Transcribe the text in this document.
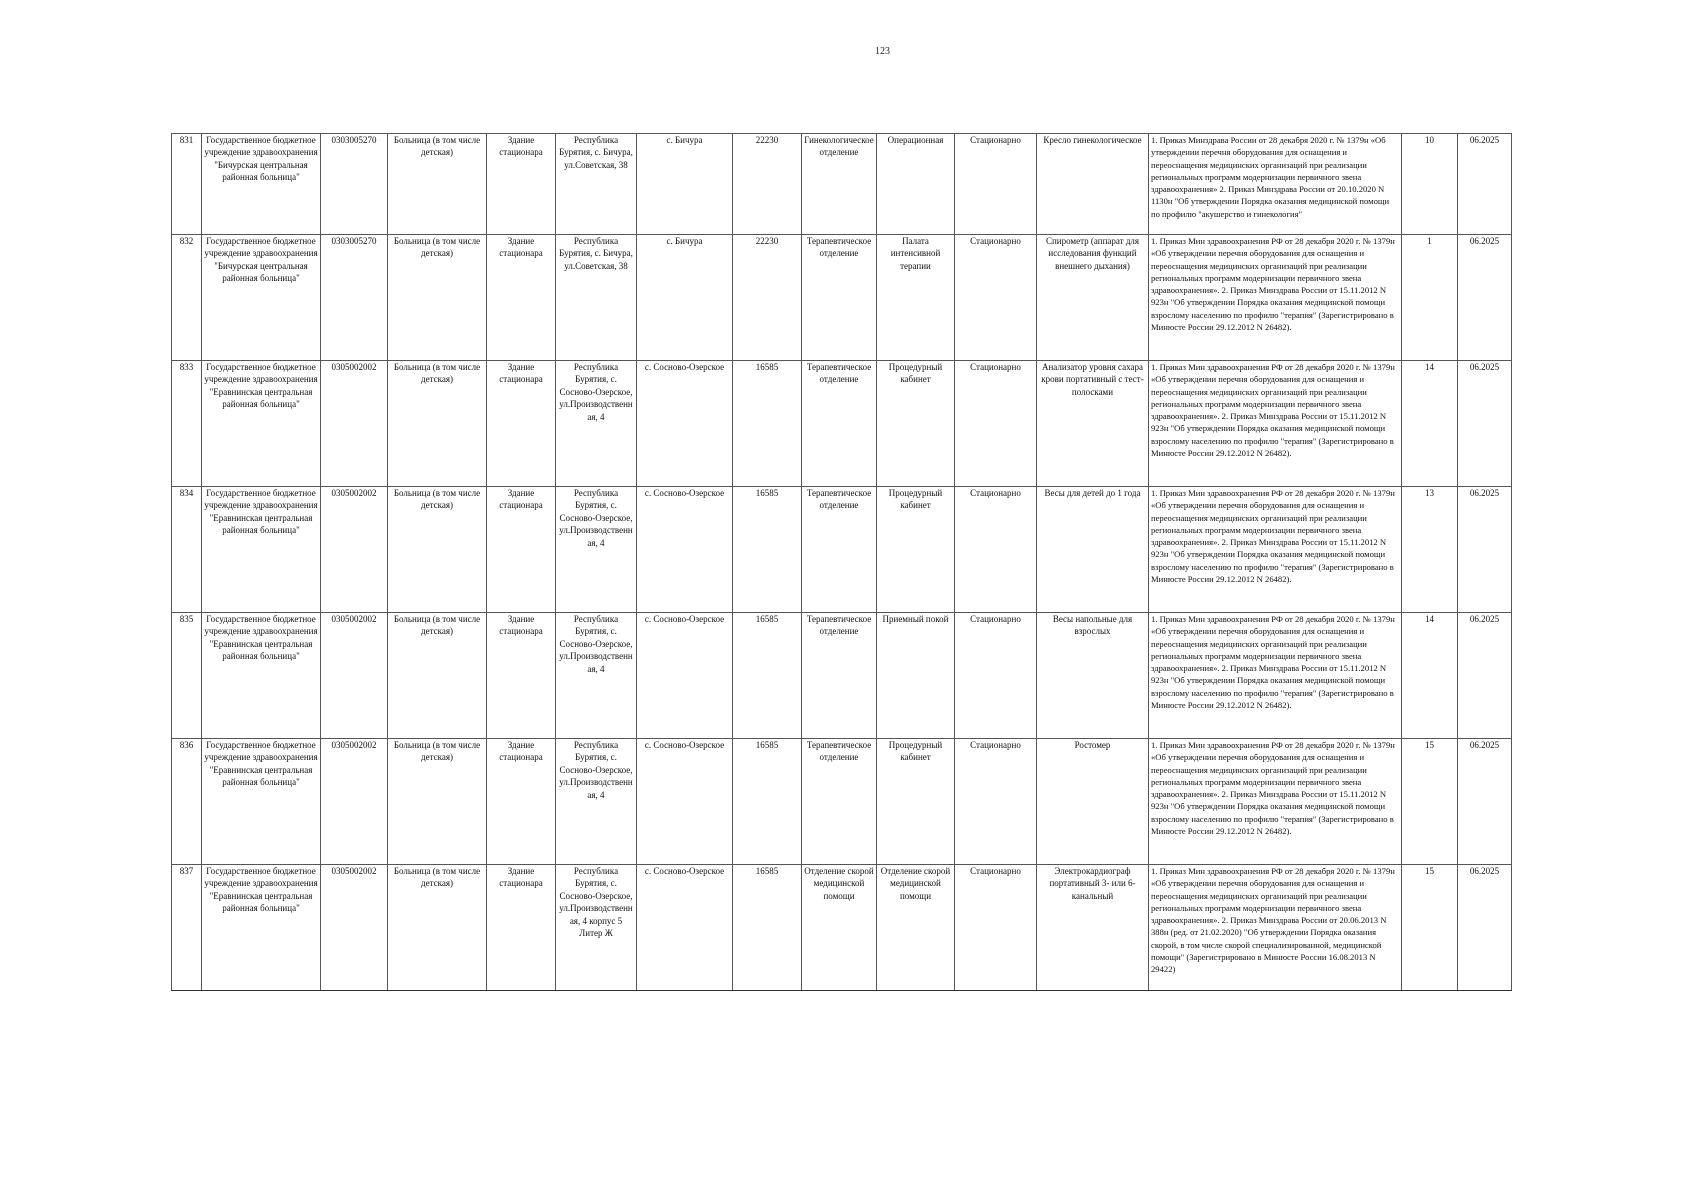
123
831	Государственное бюджетное учреждение здравоохранения "Бичурская центральная районная больница"	0303005270	Больница (в том числе детская)	Здание стационара	Республика Бурятия, с. Бичура, ул.Советская, 38	с. Бичура	22230	Гинекологическое отделение	Операционная	Стационарно	Кресло гинекологическое	1. Приказ Минздрава России от 28 декабря 2020 г. № 1379н «Об утверждении перечня оборудования для оснащения и переоснащения медицинских организаций при реализации региональных программ модернизации первичного звена здравоохранения» 2. Приказ Минздрава России от 20.10.2020 N 1130н "Об утверждении Порядка оказания медицинской помощи по профилю "акушерство и гинекология"	10	06.2025
832	Государственное бюджетное учреждение здравоохранения "Бичурская центральная районная больница"	0303005270	Больница (в том числе детская)	Здание стационара	Республика Бурятия, с. Бичура, ул.Советская, 38	с. Бичура	22230	Терапевтическое отделение	Палата интенсивной терапии	Стационарно	Спирометр (аппарат для исследования функций внешнего дыхания)	1. Приказ Мин здравоохранения РФ от 28 декабря 2020 г. № 1379н «Об утверждении перечня оборудования для оснащения и переоснащения медицинских организаций при реализации региональных программ модернизации первичного звена здравоохранения». 2. Приказ Минздрава России от 15.11.2012 N 923н "Об утверждении Порядка оказания медицинской помощи взрослому населению по профилю "терапия" (Зарегистрировано в Минюсте России 29.12.2012 N 26482).	1	06.2025
833	Государственное бюджетное учреждение здравоохранения "Еравнинская центральная районная больница"	0305002002	Больница (в том числе детская)	Здание стационара	Республика Бурятия, с. Сосново-Озерское, ул.Производственная, 4	с. Сосново-Озерское	16585	Терапевтическое отделение	Процедурный кабинет	Стационарно	Анализатор уровня сахара крови портативный с тест-полосками	1. Приказ Мин здравоохранения РФ от 28 декабря 2020 г. № 1379н «Об утверждении перечня оборудования для оснащения и переоснащения медицинских организаций при реализации региональных программ модернизации первичного звена здравоохранения». 2. Приказ Минздрава России от 15.11.2012 N 923н "Об утверждении Порядка оказания медицинской помощи взрослому населению по профилю "терапия" (Зарегистрировано в Минюсте России 29.12.2012 N 26482).	14	06.2025
834	Государственное бюджетное учреждение здравоохранения "Еравнинская центральная районная больница"	0305002002	Больница (в том числе детская)	Здание стационара	Республика Бурятия, с. Сосново-Озерское, ул.Производственная, 4	с. Сосново-Озерское	16585	Терапевтическое отделение	Процедурный кабинет	Стационарно	Весы для детей до 1 года	1. Приказ Мин здравоохранения РФ от 28 декабря 2020 г. № 1379н «Об утверждении перечня оборудования для оснащения и переоснащения медицинских организаций при реализации региональных программ модернизации первичного звена здравоохранения». 2. Приказ Минздрава России от 15.11.2012 N 923н "Об утверждении Порядка оказания медицинской помощи взрослому населению по профилю "терапия" (Зарегистрировано в Минюсте России 29.12.2012 N 26482).	13	06.2025
835	Государственное бюджетное учреждение здравоохранения "Еравнинская центральная районная больница"	0305002002	Больница (в том числе детская)	Здание стационара	Республика Бурятия, с. Сосново-Озерское, ул.Производственная, 4	с. Сосново-Озерское	16585	Терапевтическое отделение	Приемный покой	Стационарно	Весы напольные для взрослых	1. Приказ Мин здравоохранения РФ от 28 декабря 2020 г. № 1379н «Об утверждении перечня оборудования для оснащения и переоснащения медицинских организаций при реализации региональных программ модернизации первичного звена здравоохранения». 2. Приказ Минздрава России от 15.11.2012 N 923н "Об утверждении Порядка оказания медицинской помощи взрослому населению по профилю "терапия" (Зарегистрировано в Минюсте России 29.12.2012 N 26482).	14	06.2025
836	Государственное бюджетное учреждение здравоохранения "Еравнинская центральная районная больница"	0305002002	Больница (в том числе детская)	Здание стационара	Республика Бурятия, с. Сосново-Озерское, ул.Производственная, 4	с. Сосново-Озерское	16585	Терапевтическое отделение	Процедурный кабинет	Стационарно	Ростомер	1. Приказ Мин здравоохранения РФ от 28 декабря 2020 г. № 1379н «Об утверждении перечня оборудования для оснащения и переоснащения медицинских организаций при реализации региональных программ модернизации первичного звена здравоохранения». 2. Приказ Минздрава России от 15.11.2012 N 923н "Об утверждении Порядка оказания медицинской помощи взрослому населению по профилю "терапия" (Зарегистрировано в Минюсте России 29.12.2012 N 26482).	15	06.2025
837	Государственное бюджетное учреждение здравоохранения "Еравнинская центральная районная больница"	0305002002	Больница (в том числе детская)	Здание стационара	Республика Бурятия, с. Сосново-Озерское, ул.Производственная, 4 корпус 5 Литер Ж	с. Сосново-Озерское	16585	Отделение скорой медицинской помощи	Отделение скорой медицинской помощи	Стационарно	Электрокардиограф портативный 3- или 6-канальный	1. Приказ Мин здравоохранения РФ от 28 декабря 2020 г. № 1379н «Об утверждении перечня оборудования для оснащения и переоснащения медицинских организаций при реализации региональных программ модернизации первичного звена здравоохранения». 2. Приказ Минздрава России от 20.06.2013 N 388н (ред. от 21.02.2020) "Об утверждении Порядка оказания скорой, в том числе скорой специализированной, медицинской помощи" (Зарегистрировано в Минюсте России 16.08.2013 N 29422)	15	06.2025
